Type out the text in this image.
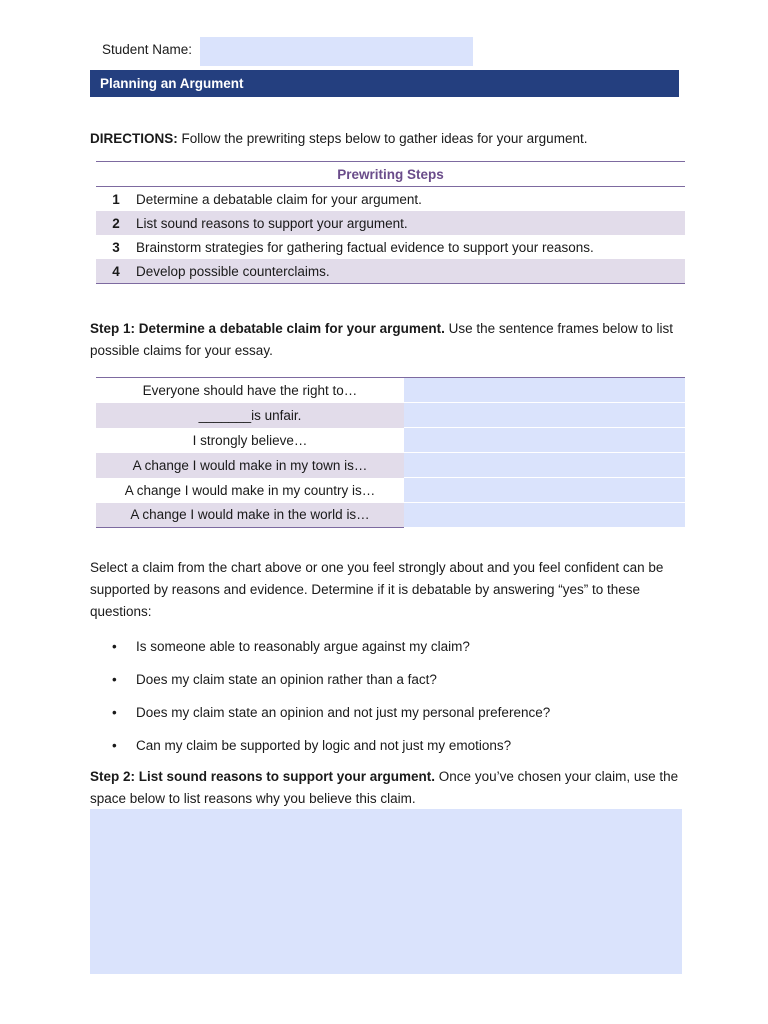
Student Name:
Planning an Argument
DIRECTIONS: Follow the prewriting steps below to gather ideas for your argument.
Prewriting Steps	
1	Determine a debatable claim for your argument.
2	List sound reasons to support your argument.
3	Brainstorm strategies for gathering factual evidence to support your reasons.
4	Develop possible counterclaims.
Step 1: Determine a debatable claim for your argument. Use the sentence frames below to list possible claims for your essay.
Everyone should have the right to…	
_______is unfair.	
I strongly believe…	
A change I would make in my town is…	
A change I would make in my country is…	
A change I would make in the world is…	
Select a claim from the chart above or one you feel strongly about and you feel confident can be supported by reasons and evidence. Determine if it is debatable by answering “yes” to these questions:
• Is someone able to reasonably argue against my claim?
• Does my claim state an opinion rather than a fact?
• Does my claim state an opinion and not just my personal preference?
• Can my claim be supported by logic and not just my emotions?
Step 2: List sound reasons to support your argument. Once you’ve chosen your claim, use the space below to list reasons why you believe this claim.
